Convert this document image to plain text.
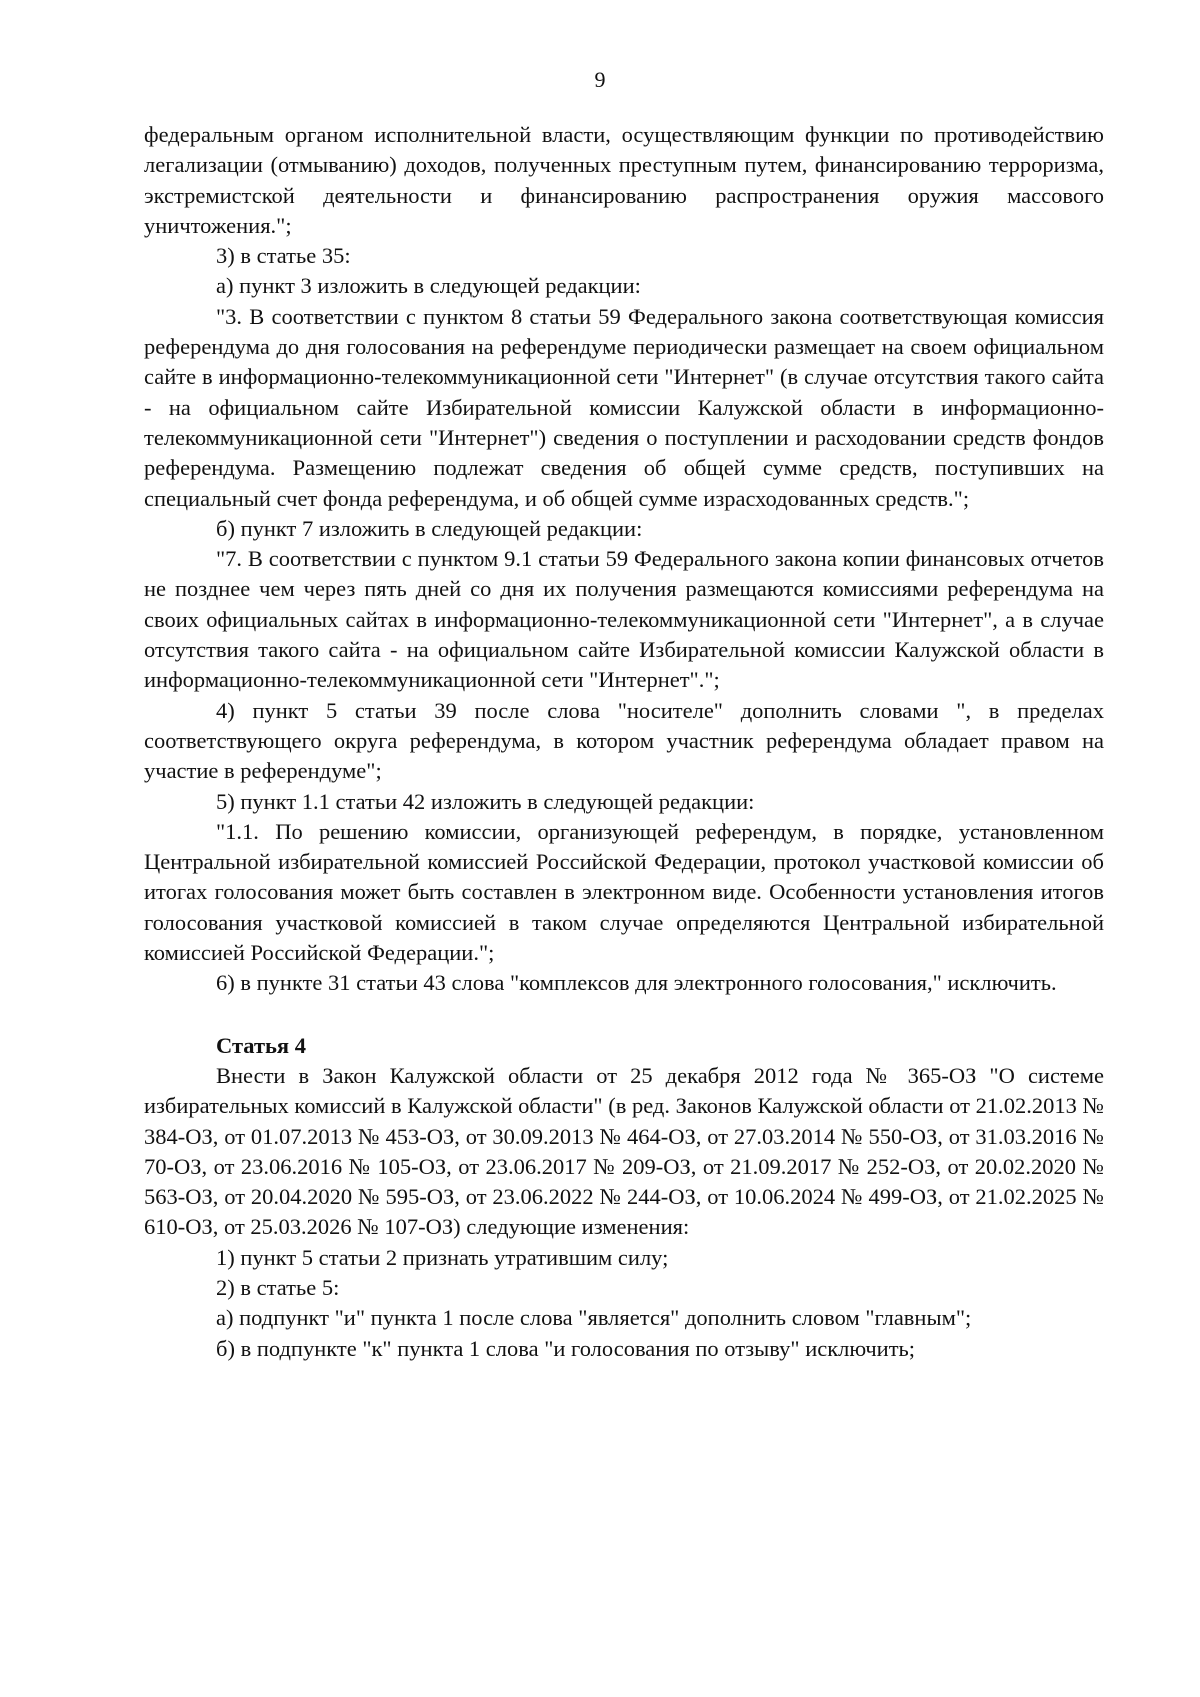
9

федеральным органом исполнительной власти, осуществляющим функции по противодействию легализации (отмыванию) доходов, полученных преступным путем, финансированию терроризма, экстремистской деятельности и финансированию распространения оружия массового уничтожения.";

3) в статье 35:

а) пункт 3 изложить в следующей редакции:

"3. В соответствии с пунктом 8 статьи 59 Федерального закона соответствующая комиссия референдума до дня голосования на референдуме периодически размещает на своем официальном сайте в информационно-телекоммуникационной сети "Интернет" (в случае отсутствия такого сайта - на официальном сайте Избирательной комиссии Калужской области в информационно-телекоммуникационной сети "Интернет") сведения о поступлении и расходовании средств фондов референдума. Размещению подлежат сведения об общей сумме средств, поступивших на специальный счет фонда референдума, и об общей сумме израсходованных средств.";

б) пункт 7 изложить в следующей редакции:

"7. В соответствии с пунктом 9.1 статьи 59 Федерального закона копии финансовых отчетов не позднее чем через пять дней со дня их получения размещаются комиссиями референдума на своих официальных сайтах в информационно-телекоммуникационной сети "Интернет", а в случае отсутствия такого сайта - на официальном сайте Избирательной комиссии Калужской области в информационно-телекоммуникационной сети "Интернет".";

4) пункт 5 статьи 39 после слова "носителе" дополнить словами ", в пределах соответствующего округа референдума, в котором участник референдума обладает правом на участие в референдуме";

5) пункт 1.1 статьи 42 изложить в следующей редакции:

"1.1. По решению комиссии, организующей референдум, в порядке, установленном Центральной избирательной комиссией Российской Федерации, протокол участковой комиссии об итогах голосования может быть составлен в электронном виде. Особенности установления итогов голосования участковой комиссией в таком случае определяются Центральной избирательной комиссией Российской Федерации.";

6) в пункте 31 статьи 43 слова "комплексов для электронного голосования," исключить.

Статья 4

Внести в Закон Калужской области от 25 декабря 2012 года № 365-ОЗ "О системе избирательных комиссий в Калужской области" (в ред. Законов Калужской области от 21.02.2013 № 384-ОЗ, от 01.07.2013 № 453-ОЗ, от 30.09.2013 № 464-ОЗ, от 27.03.2014 № 550-ОЗ, от 31.03.2016 № 70-ОЗ, от 23.06.2016 № 105-ОЗ, от 23.06.2017 № 209-ОЗ, от 21.09.2017 № 252-ОЗ, от 20.02.2020 № 563-ОЗ, от 20.04.2020 № 595-ОЗ, от 23.06.2022 № 244-ОЗ, от 10.06.2024 № 499-ОЗ, от 21.02.2025 № 610-ОЗ, от 25.03.2026 № 107-ОЗ) следующие изменения:

1) пункт 5 статьи 2 признать утратившим силу;

2) в статье 5:

а) подпункт "и" пункта 1 после слова "является" дополнить словом "главным";

б) в подпункте "к" пункта 1 слова "и голосования по отзыву" исключить;
